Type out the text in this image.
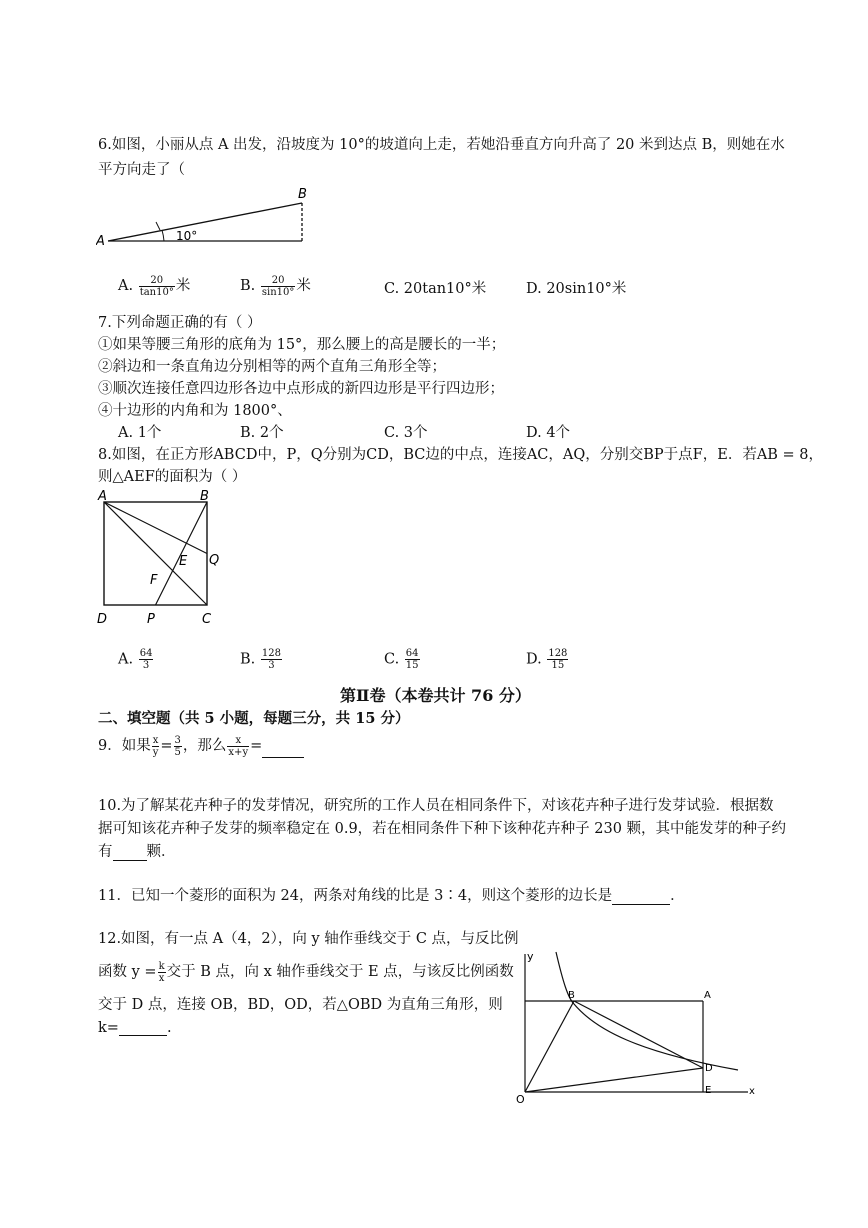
6.如图，小丽从点 A 出发，沿坡度为 10°的坡道向上走，若她沿垂直方向升高了 20 米到达点 B，则她在水
平方向走了（
A
B
10°
A. $\frac{20}{\tan 10^\circ}$ 米	B. $\frac{20}{\sin 10^\circ}$ 米	C. 20tan10°米	D. 20sin10°米
7.下列命题正确的有（ ）
①如果等腰三角形的底角为 15°，那么腰上的高是腰长的一半；
②斜边和一条直角边分别相等的两个直角三角形全等；
③顺次连接任意四边形各边中点形成的新四边形是平行四边形；
④十边形的内角和为 1800°、
A. 1个	B. 2个	C. 3个	D. 4个
8.如图，在正方形ABCD中，P，Q分别为CD，BC边的中点，连接AC，AQ，分别交BP于点F，E．若AB = 8，
则△AEF的面积为（ ）
A	B
C
D	P
Q
E
F
A. $\frac{64}{3}$	B. $\frac{128}{3}$	C. $\frac{64}{15}$	D. $\frac{128}{15}$
第Ⅱ卷（本卷共计 76 分）
二、填空题（共 5 小题，每题三分，共 15 分）
9．如果 $\frac{x}{y} = \frac{3}{5}$ ，那么 $\frac{x}{x+y}$ =
10.为了解某花卉种子的发芽情况，研究所的工作人员在相同条件下，对该花卉种子进行发芽试验．根据数
据可知该花卉种子发芽的频率稳定在 0.9，若在相同条件下种下该种花卉种子 230 颗，其中能发芽的种子约
有 颗．
11．已知一个菱形的面积为 24，两条对角线的比是 3∶4，则这个菱形的边长是	．
12.如图，有一点 A（4，2），向 y 轴作垂线交于 C 点，与反比例
函数 $y = \frac{k}{x}$ 交于 B 点，向 x 轴作垂线交于 E 点，与该反比例函数
交于 D 点，连接 OB，BD，OD，若△OBD 为直角三角形，则
k=	.
y
O
B	A
D
E	x
